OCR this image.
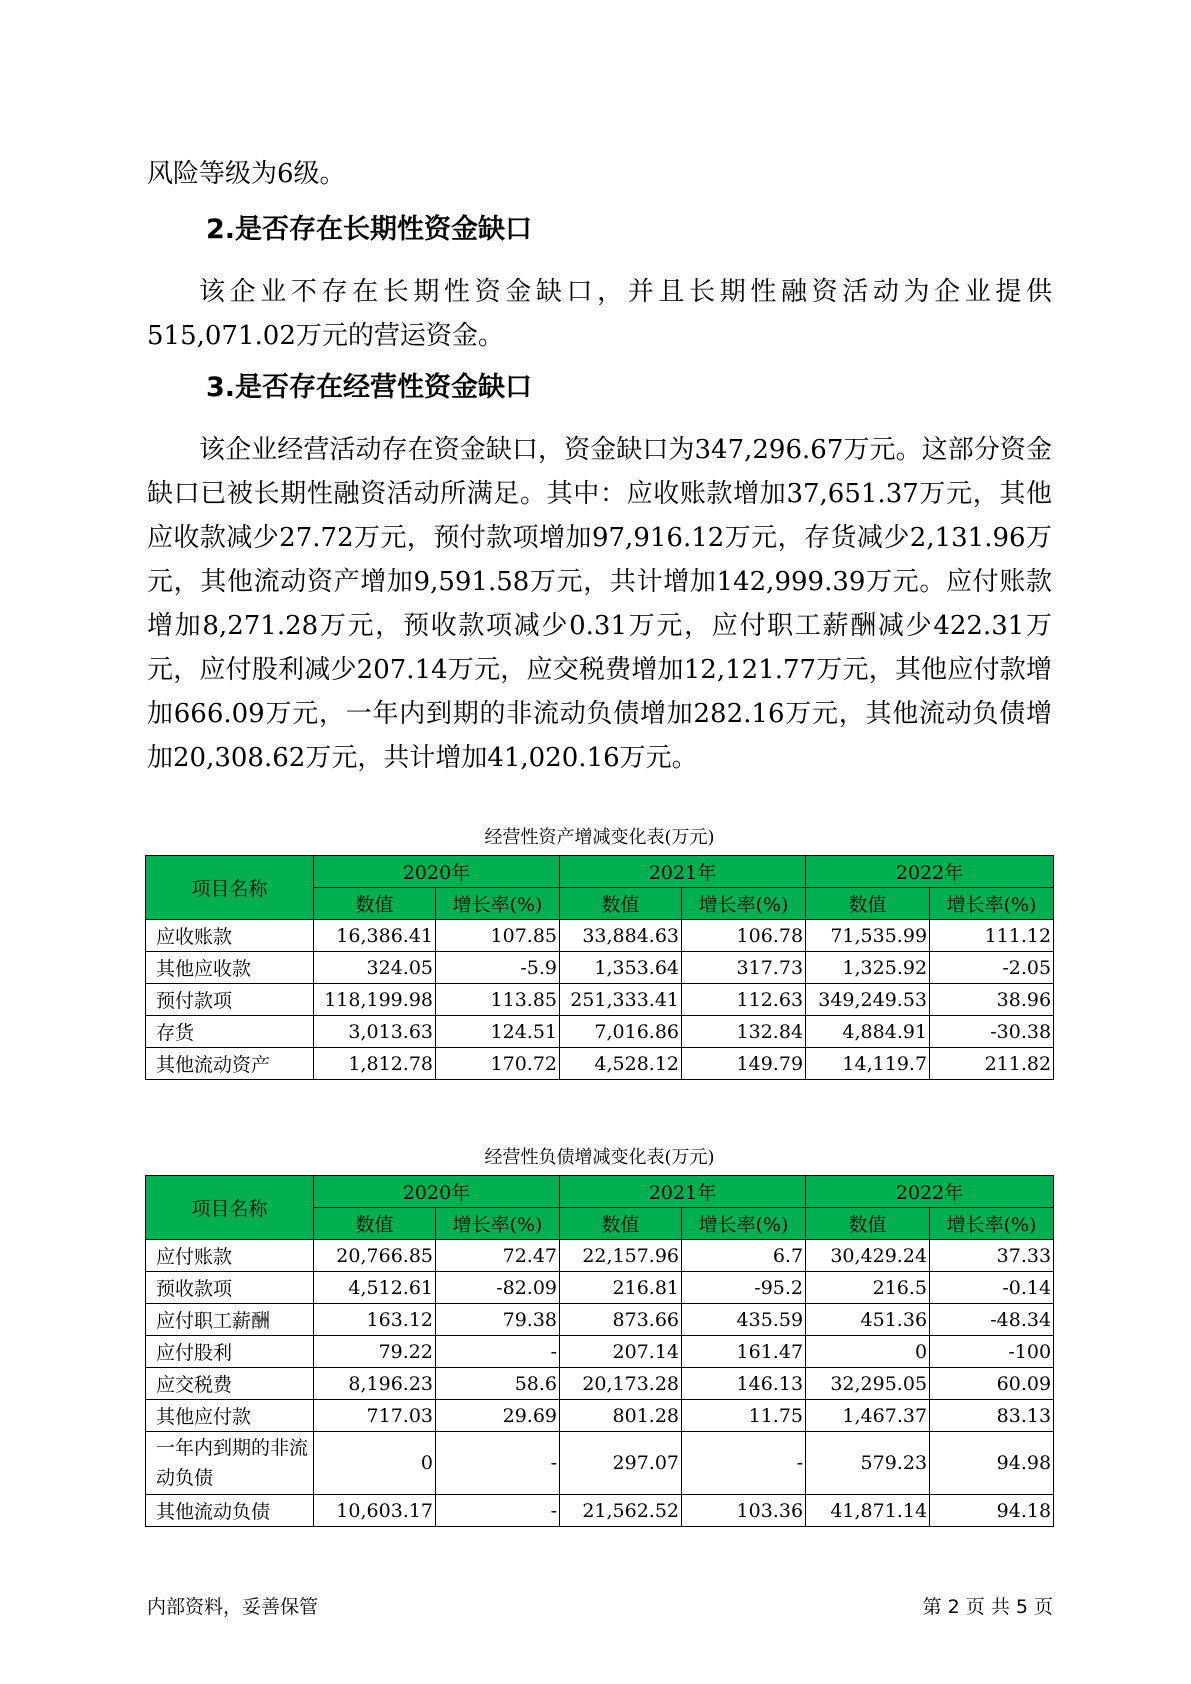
风险等级为6级。

2.是否存在长期性资金缺口

该企业不存在长期性资金缺口，并且长期性融资活动为企业提供515,071.02万元的营运资金。

3.是否存在经营性资金缺口

该企业经营活动存在资金缺口，资金缺口为347,296.67万元。这部分资金缺口已被长期性融资活动所满足。其中：应收账款增加37,651.37万元，其他应收款减少27.72万元，预付款项增加97,916.12万元，存货减少2,131.96万元，其他流动资产增加9,591.58万元，共计增加142,999.39万元。应付账款增加8,271.28万元，预收款项减少0.31万元，应付职工薪酬减少422.31万元，应付股利减少207.14万元，应交税费增加12,121.77万元，其他应付款增加666.09万元，一年内到期的非流动负债增加282.16万元，其他流动负债增加20,308.62万元，共计增加41,020.16万元。

经营性资产增减变化表(万元)
项目名称	2020年		2021年		2022年	
	数值	增长率(%)	数值	增长率(%)	数值	增长率(%)
应收账款	16,386.41	107.85	33,884.63	106.78	71,535.99	111.12
其他应收款	324.05	-5.9	1,353.64	317.73	1,325.92	-2.05
预付款项	118,199.98	113.85	251,333.41	112.63	349,249.53	38.96
存货	3,013.63	124.51	7,016.86	132.84	4,884.91	-30.38
其他流动资产	1,812.78	170.72	4,528.12	149.79	14,119.7	211.82
经营性负债增减变化表(万元)
项目名称	2020年		2021年		2022年	
	数值	增长率(%)	数值	增长率(%)	数值	增长率(%)
应付账款	20,766.85	72.47	22,157.96	6.7	30,429.24	37.33
预收款项	4,512.61	-82.09	216.81	-95.2	216.5	-0.14
应付职工薪酬	163.12	79.38	873.66	435.59	451.36	-48.34
应付股利	79.22	-	207.14	161.47	0	-100
应交税费	8,196.23	58.6	20,173.28	146.13	32,295.05	60.09
其他应付款	717.03	29.69	801.28	11.75	1,467.37	83.13
一年内到期的非流动负债	0	-	297.07	-	579.23	94.98
其他流动负债	10,603.17	-	21,562.52	103.36	41,871.14	94.18
内部资料，妥善保管	第 2 页 共 5 页
